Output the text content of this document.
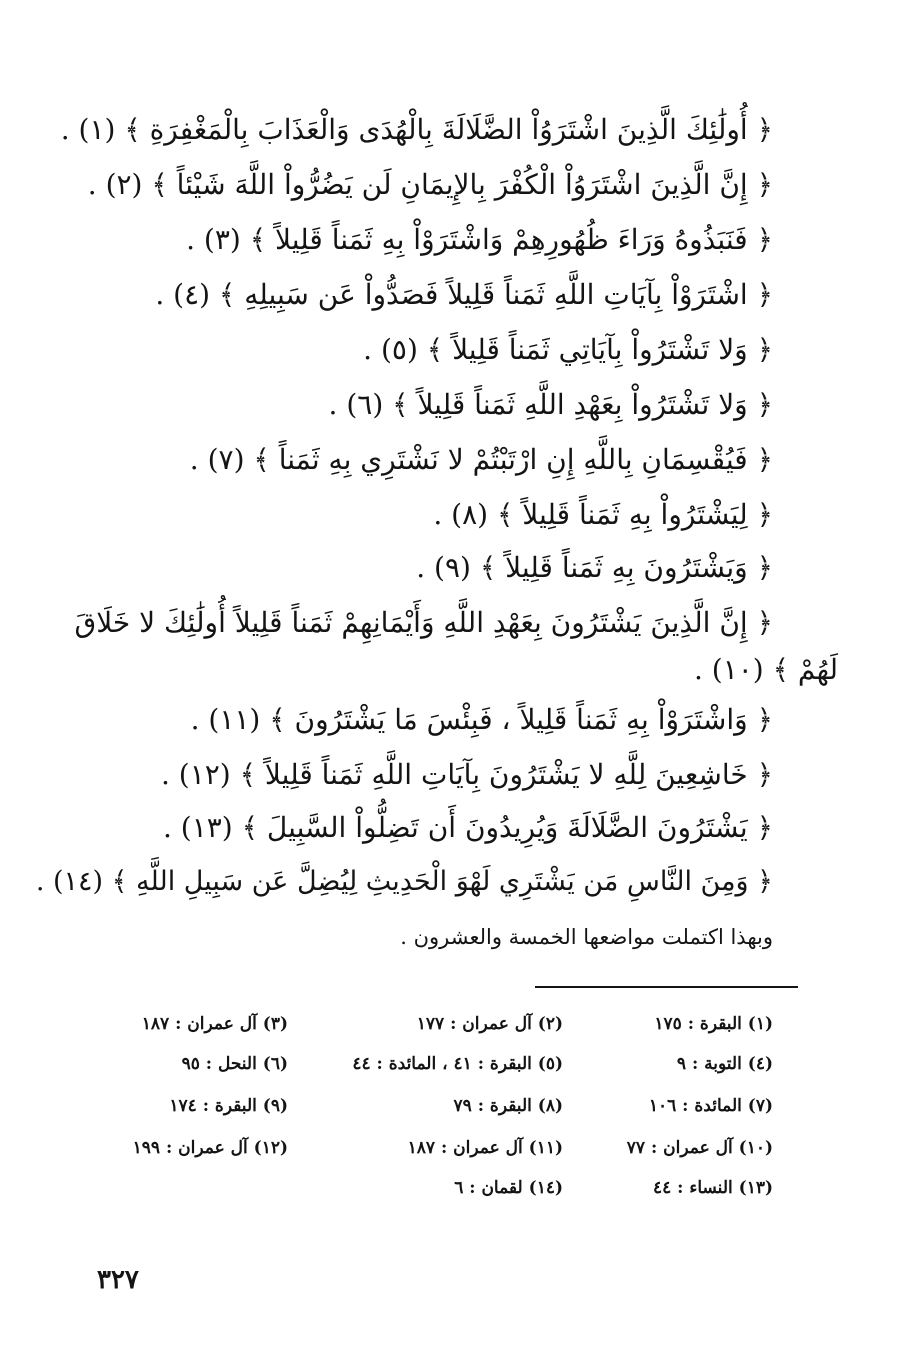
﴿ أُولَٰئِكَ الَّذِينَ اشْتَرَوُاْ الضَّلَالَةَ بِالْهُدَى وَالْعَذَابَ بِالْمَغْفِرَةِ ﴾ (١) .

﴿ إِنَّ الَّذِينَ اشْتَرَوُاْ الْكُفْرَ بِالإِيمَانِ لَن يَضُرُّواْ اللَّهَ شَيْئاً ﴾ (٢) .

﴿ فَنَبَذُوهُ وَرَاءَ ظُهُورِهِمْ وَاشْتَرَوْاْ بِهِ ثَمَناً قَلِيلاً ﴾ (٣) .

﴿ اشْتَرَوْاْ بِآيَاتِ اللَّهِ ثَمَناً قَلِيلاً فَصَدُّواْ عَن سَبِيلِهِ ﴾ (٤) .

﴿ وَلا تَشْتَرُواْ بِآيَاتِي ثَمَناً قَلِيلاً ﴾ (٥) .

﴿ وَلا تَشْتَرُواْ بِعَهْدِ اللَّهِ ثَمَناً قَلِيلاً ﴾ (٦) .

﴿ فَيُقْسِمَانِ بِاللَّهِ إِنِ ارْتَبْتُمْ لا نَشْتَرِي بِهِ ثَمَناً ﴾ (٧) .

﴿ لِيَشْتَرُواْ بِهِ ثَمَناً قَلِيلاً ﴾ (٨) .

﴿ وَيَشْتَرُونَ بِهِ ثَمَناً قَلِيلاً ﴾ (٩) .

﴿ إِنَّ الَّذِينَ يَشْتَرُونَ بِعَهْدِ اللَّهِ وَأَيْمَانِهِمْ ثَمَناً قَلِيلاً أُولَٰئِكَ لا خَلَاقَ

لَهُمْ ﴾ (١٠) .

﴿ وَاشْتَرَوْاْ بِهِ ثَمَناً قَلِيلاً ، فَبِئْسَ مَا يَشْتَرُونَ ﴾ (١١) .

﴿ خَاشِعِينَ لِلَّهِ لا يَشْتَرُونَ بِآيَاتِ اللَّهِ ثَمَناً قَلِيلاً ﴾ (١٢) .

﴿ يَشْتَرُونَ الضَّلَالَةَ وَيُرِيدُونَ أَن تَضِلُّواْ السَّبِيلَ ﴾ (١٣) .

﴿ وَمِنَ النَّاسِ مَن يَشْتَرِي لَهْوَ الْحَدِيثِ لِيُضِلَّ عَن سَبِيلِ اللَّهِ ﴾ (١٤) .

وبهذا اكتملت مواضعها الخمسة والعشرون .
(١) البقرة : ١٧٥
(٢) آل عمران : ١٧٧
(٣) آل عمران : ١٨٧
(٤) التوبة : ٩
(٥) البقرة : ٤١ ، المائدة : ٤٤
(٦) النحل : ٩٥
(٧) المائدة : ١٠٦
(٨) البقرة : ٧٩
(٩) البقرة : ١٧٤
(١٠) آل عمران : ٧٧
(١١) آل عمران : ١٨٧
(١٢) آل عمران : ١٩٩
(١٣) النساء : ٤٤
(١٤) لقمان : ٦
٣٢٧
